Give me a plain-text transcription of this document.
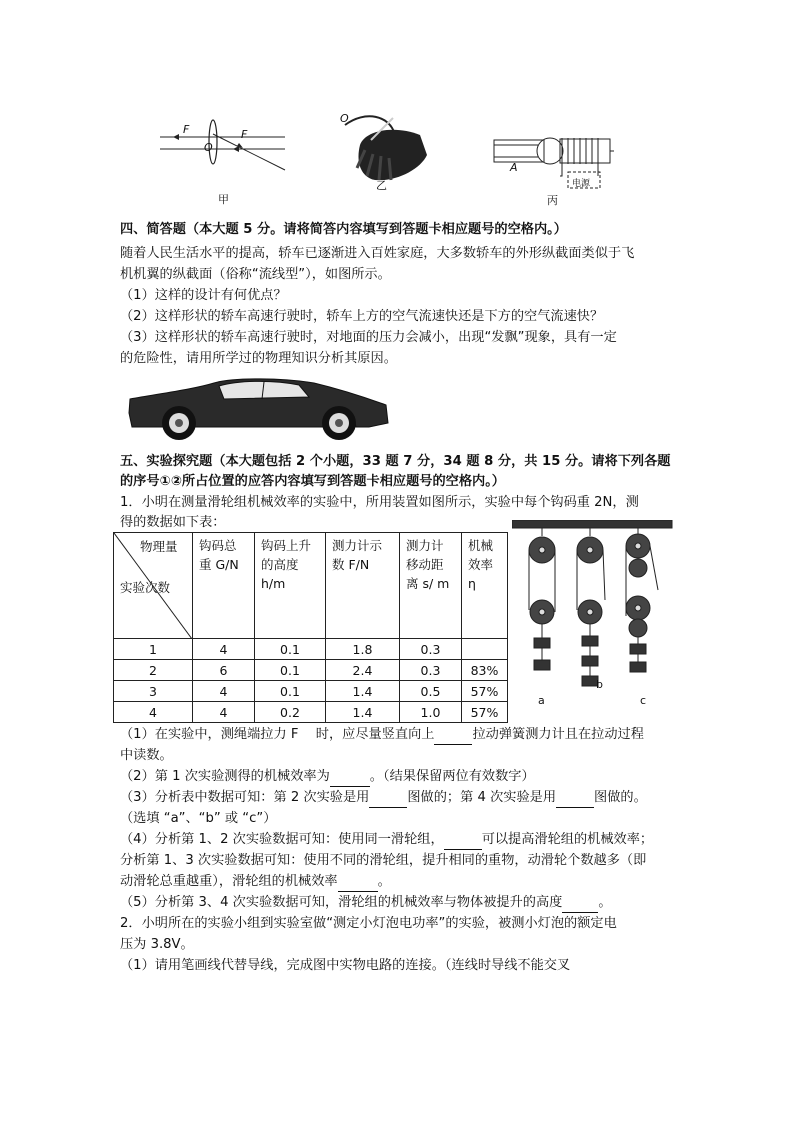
F
O
F
O
A
电源
甲
乙
丙
四、简答题（本大题 5 分。请将简答内容填写到答题卡相应题号的空格内。）
随着人民生活水平的提高，轿车已逐渐进入百姓家庭，大多数轿车的外形纵截面类似于飞
机机翼的纵截面（俗称“流线型”），如图所示。
（1）这样的设计有何优点？
（2）这样形状的轿车高速行驶时，轿车上方的空气流速快还是下方的空气流速快？
（3）这样形状的轿车高速行驶时，对地面的压力会减小，出现“发飘”现象，具有一定
的危险性，请用所学过的物理知识分析其原因。
五、实验探究题（本大题包括 2 个小题，33 题 7 分，34 题 8 分，共 15 分。请将下列各题
的序号①②所占位置的应答内容填写到答题卡相应题号的空格内。）
1．小明在测量滑轮组机械效率的实验中，所用装置如图所示，实验中每个钩码重 2N，测
得的数据如下表：
物理量
实验次数	钩码总重 G/N	钩码上升的高度 h/m	测力计示数 F/N	测力计移动距离 s/ m	机械效率 η

1	4	0.1	1.8	0.3	
2	6	0.1	2.4	0.3	83%
3	4	0.1	1.4	0.5	57%
4	4	0.2	1.4	1.0	57%
a
b
c
（1）在实验中，测绳端拉力 F　 时，应尽量竖直向上	拉动弹簧测力计且在拉动过程
中读数。
（2）第 1 次实验测得的机械效率为	。（结果保留两位有效数字）
（3）分析表中数据可知：第 2 次实验是用	图做的；第 4 次实验是用	图做的。
（选填 “a”、“b” 或 “c”）
（4）分析第 1、2 次实验数据可知：使用同一滑轮组，	可以提高滑轮组的机械效率；
分析第 1、3 次实验数据可知：使用不同的滑轮组，提升相同的重物，动滑轮个数越多（即
动滑轮总重越重），滑轮组的机械效率	。
（5）分析第 3、4 次实验数据可知，滑轮组的机械效率与物体被提升的高度	。
2．小明所在的实验小组到实验室做“测定小灯泡电功率”的实验，被测小灯泡的额定电
压为 3.8V。
（1）请用笔画线代替导线，完成图中实物电路的连接。（连线时导线不能交叉
